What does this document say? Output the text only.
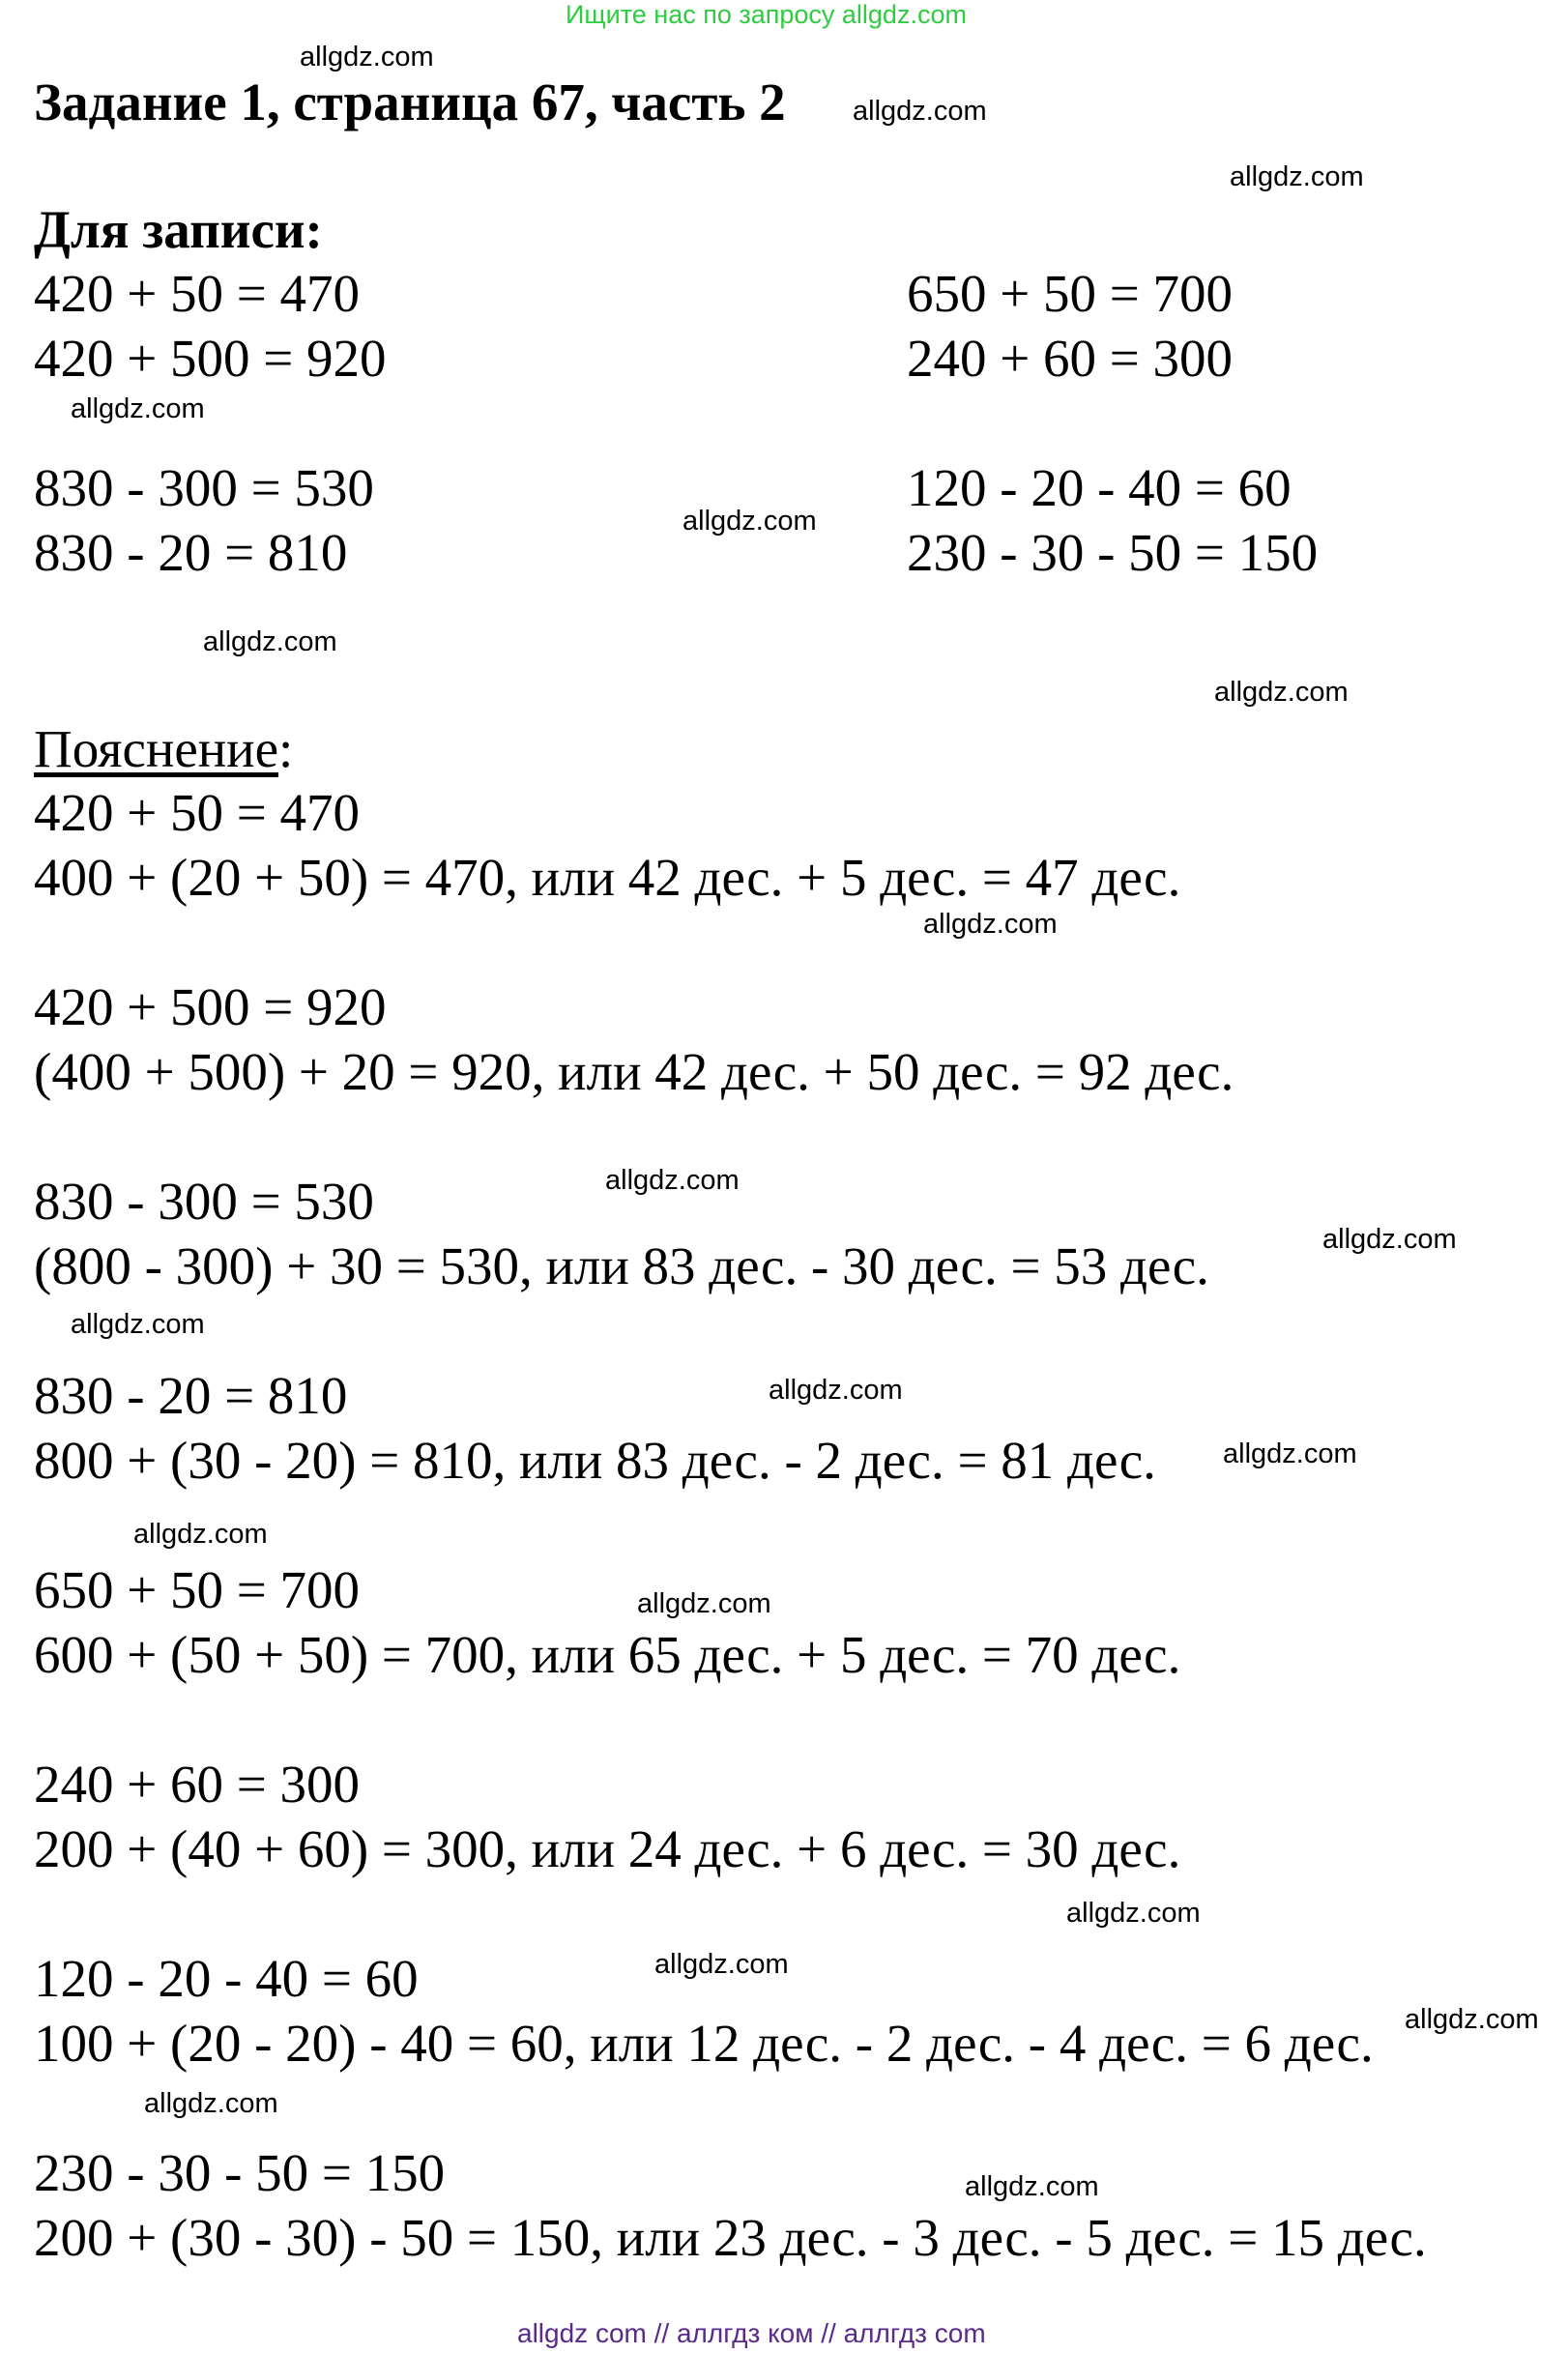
Ищите нас по запросу allgdz.com
Задание 1, страница 67, часть 2
Для записи:
420 + 50 = 470
420 + 500 = 920
650 + 50 = 700
240 + 60 = 300
830 - 300 = 530
830 - 20 = 810
120 - 20 - 40 = 60
230 - 30 - 50 = 150
Пояснение:
420 + 50 = 470
400 + (20 + 50) = 470, или 42 дес. + 5 дес. = 47 дес.
420 + 500 = 920
(400 + 500) + 20 = 920, или 42 дес. + 50 дес. = 92 дес.
830 - 300 = 530
(800 - 300) + 30 = 530, или 83 дес. - 30 дес. = 53 дес.
830 - 20 = 810
800 + (30 - 20) = 810, или 83 дес. - 2 дес. = 81 дес.
650 + 50 = 700
600 + (50 + 50) = 700, или 65 дес. + 5 дес. = 70 дес.
240 + 60 = 300
200 + (40 + 60) = 300, или 24 дес. + 6 дес. = 30 дес.
120 - 20 - 40 = 60
100 + (20 - 20) - 40 = 60, или 12 дес. - 2 дес. - 4 дес. = 6 дес.
230 - 30 - 50 = 150
200 + (30 - 30) - 50 = 150, или 23 дес. - 3 дес. - 5 дес. = 15 дес.
allgdz.com
allgdz.com
allgdz.com
allgdz.com
allgdz.com
allgdz.com
allgdz.com
allgdz.com
allgdz.com
allgdz.com
allgdz.com
allgdz.com
allgdz.com
allgdz.com
allgdz.com
allgdz.com
allgdz.com
allgdz.com
allgdz.com
allgdz.com
allgdz com // аллгдз ком // аллгдз com
